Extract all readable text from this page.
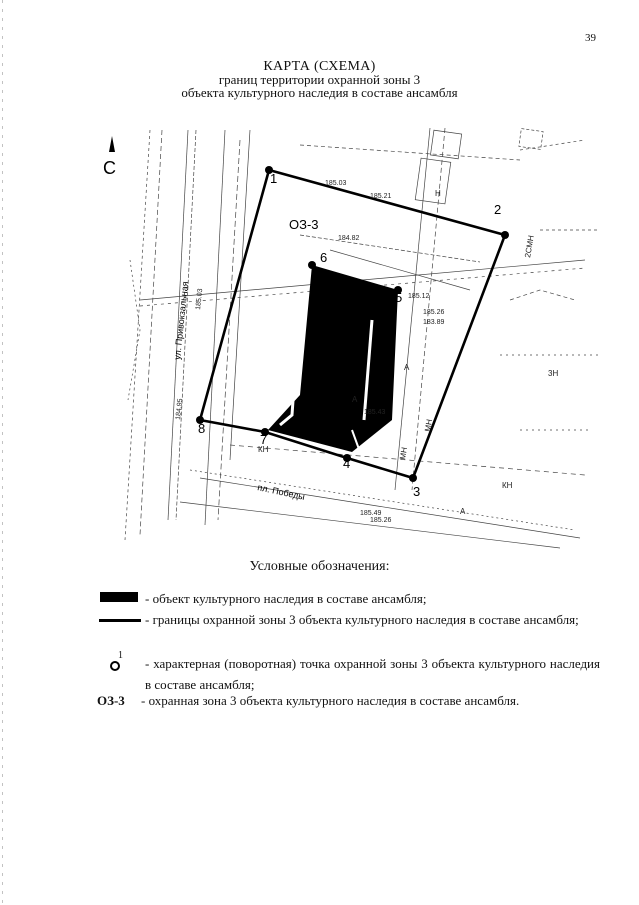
39
КАРТА (СХЕМА)
границ территории охранной зоны 3
объекта культурного наследия в составе ансамбля
1
2
3
4
5
6
7
8
С
ОЗ-3
ул. Привокзальная
пл. Победы
Н
А
А
А
КН
КН
3Н
2СМН
МН
МН
185.26
183.89
185.03
185.21
185.12
185.43
184.95
185.03
184.82
185.49
185.26
Условные обозначения:
- объект культурного наследия в составе ансамбля;
- границы охранной зоны 3 объекта культурного наследия в составе ансамбля;
1
- характерная (поворотная) точка охранной зоны 3 объекта культурного наследия в составе ансамбля;
ОЗ-3 - охранная зона 3 объекта культурного наследия в составе ансамбля.
